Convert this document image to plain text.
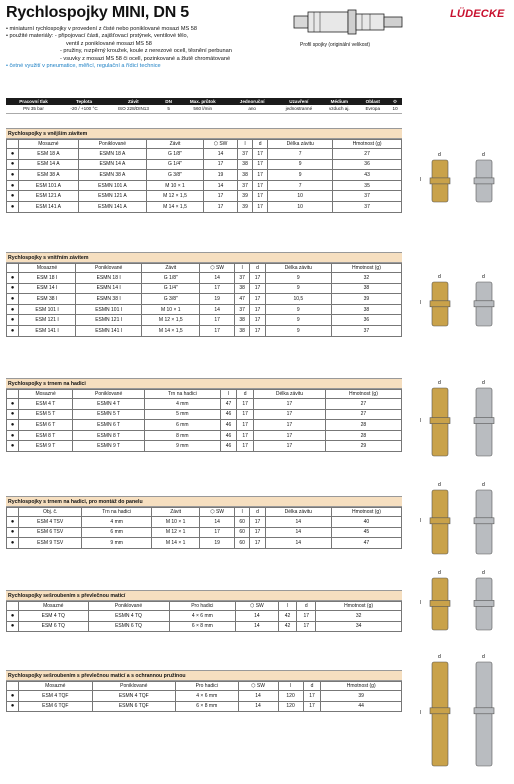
Rychlospojky MINI, DN 5	LÜDECKE
Profil spojky (originální velikost)
• miniaturní rychlospojky v provedení z čisté nebo poniklované mosazi MS 58
• použité materiály: - připojovací části, zajišťovací prstýnek, ventilové tělo,
ventil z poniklované mosazi MS 58
- pružiny, nızpěrný kroužek, koule z nerezové ocell, těsnění perbunan
- vsuvky z mosazi MS 58 či ocell, pozinkované a žlutě chromátované
• četné využití v pneumatice, měřicí, regulační a řídicí technice
Pracovní tlak	Teplota	Závit	DN	Max. průtok	Jednoruční	Uzavření	Médium	Oblast	⚙
PN 35 bar	-20 / +100 °C	ISO 228/DIN13	5	560 l/min	ano	jednostranné	vzduch aj.	Evropa	10
Rychlospojky s vnějším závitem
	Mosazné	Poniklované	Závit	⬡ SW	l	d	Délka závitu	Hmotnost (g)
●	ESM 18 A	ESMN 18 A	G 1/8"	14	37	17	7	27
●	ESM 14 A	ESMN 14 A	G 1/4"	17	38	17	9	36
●	ESM 38 A	ESMN 38 A	G 3/8"	19	38	17	9	43
●	ESM 101 A	ESMN 101 A	M 10 × 1	14	37	17	7	35
●	ESM 121 A	ESMN 121 A	M 12 × 1,5	17	39	17	10	37
●	ESM 141 A	ESMN 141 A	M 14 × 1,5	17	39	17	10	37
Rychlospojky s vnitřním závitem
	Mosazné	Poniklované	Závit	⬡ SW	l	d	Délka závitu	Hmotnost (g)
●	ESM 18 I	ESMN 18 I	G 1/8"	14	37	17	9	32
●	ESM 14 I	ESMN 14 I	G 1/4"	17	38	17	9	38
●	ESM 38 I	ESMN 38 I	G 3/8"	19	47	17	10,5	39
●	ESM 101 I	ESMN 101 I	M 10 × 1	14	37	17	9	38
●	ESM 121 I	ESMN 121 I	M 12 × 1,5	17	38	17	9	36
●	ESM 141 I	ESMN 141 I	M 14 × 1,5	17	38	17	9	37
Rychlospojky s trnem na hadici
	Mosazné	Poniklované	Trn na hadici	l	d	Délka závitu	Hmotnost (g)
●	ESM 4 T	ESMN 4 T	4 mm	47	17	17	27
●	ESM 5 T	ESMN 5 T	5 mm	46	17	17	27
●	ESM 6 T	ESMN 6 T	6 mm	46	17	17	28
●	ESM 8 T	ESMN 8 T	8 mm	46	17	17	28
●	ESM 9 T	ESMN 9 T	9 mm	46	17	17	29
Rychlospojky s trnem na hadici, pro montáž do panelu
	Obj. č.	Trn na hadici	Závit	⬡ SW	l	d	Délka závitu	Hmotnost (g)
●	ESM 4 TSV	4 mm	M 10 × 1	14	60	17	14	40
●	ESM 6 TSV	6 mm	M 12 × 1	17	60	17	14	45
●	ESM 9 TSV	9 mm	M 14 × 1	19	60	17	14	47
Rychlospojky sešroubením s převlečnou maticí
	Mosazné	Poniklované	Pro hadici	⬡ SW	l	d	Hmotnost (g)
●	ESM 4 TQ	ESMN 4 TQ	4 × 6 mm	14	42	17	32
●	ESM 6 TQ	ESMN 6 TQ	6 × 8 mm	14	42	17	34
Rychlospojky sešroubením s převlečnou maticí a s ochrannou pružinou
	Mosazné	Poniklované	Pro hadici	⬡ SW	l	d	Hmotnost (g)
●	ESM 4 TQF	ESMN 4 TQF	4 × 6 mm	14	120	17	39
●	ESM 6 TQF	ESMN 6 TQF	6 × 8 mm	14	120	17	44
d	d
l
d	d
l
d	d
l
d	d
l
d	d
l
d	d
l
